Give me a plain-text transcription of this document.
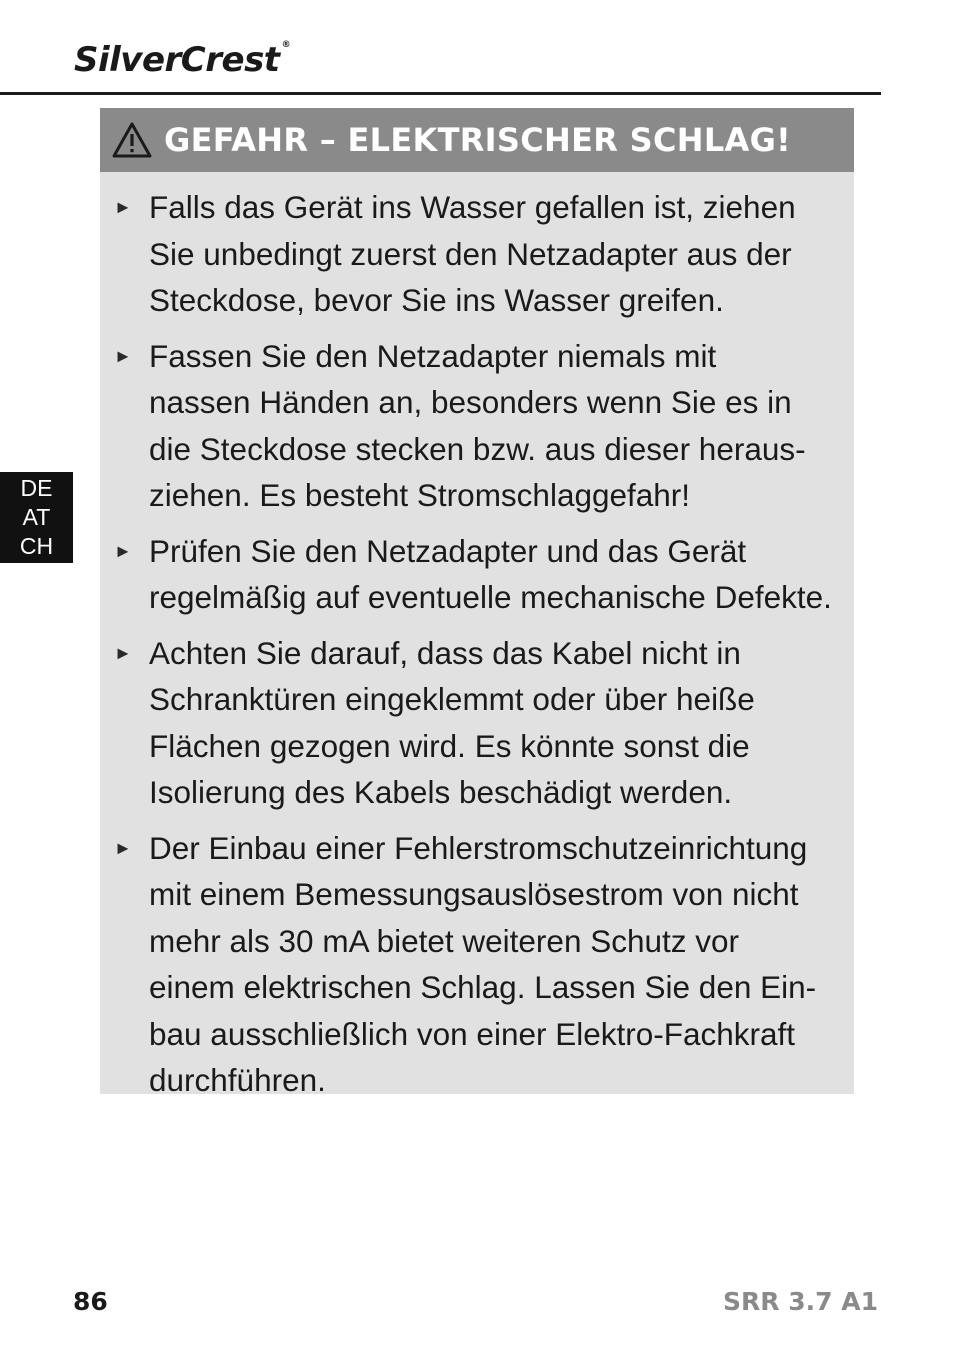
SilverCrest ®
DE
AT
CH
GEFAHR – ELEKTRISCHER SCHLAG!
► Falls das Gerät ins Wasser gefallen ist, ziehen
Sie unbedingt zuerst den Netzadapter aus der
Steckdose, bevor Sie ins Wasser greifen.
► Fassen Sie den Netzadapter niemals mit
nassen Händen an, besonders wenn Sie es in
die Steckdose stecken bzw. aus dieser heraus-
ziehen. Es besteht Stromschlaggefahr!
► Prüfen Sie den Netzadapter und das Gerät
regelmäßig auf eventuelle mechanische Defekte.
► Achten Sie darauf, dass das Kabel nicht in
Schranktüren eingeklemmt oder über heiße
Flächen gezogen wird. Es könnte sonst die
Isolierung des Kabels beschädigt werden.
► Der Einbau einer Fehlerstromschutzeinrichtung
mit einem Bemessungsauslösestrom von nicht
mehr als 30 mA bietet weiteren Schutz vor
einem elektrischen Schlag. Lassen Sie den Ein-
bau ausschließlich von einer Elektro-Fachkraft
durchführen.
86	SRR 3.7 A1
